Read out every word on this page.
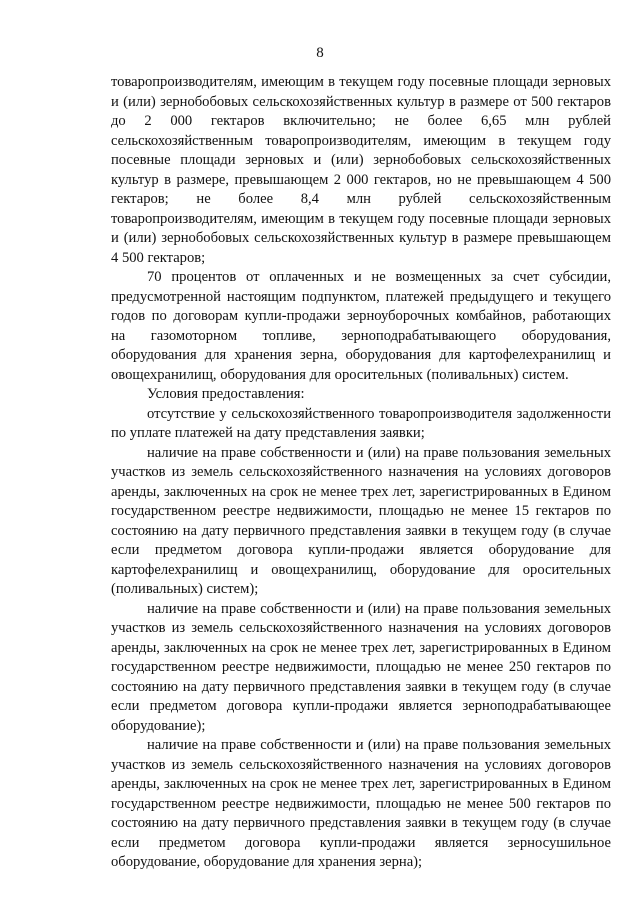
8

товаропроизводителям, имеющим в текущем году посевные площади зерновых и (или) зернобобовых сельскохозяйственных культур в размере от 500 гектаров до 2 000 гектаров включительно; не более 6,65 млн рублей сельскохозяйственным товаропроизводителям, имеющим в текущем году посевные площади зерновых и (или) зернобобовых сельскохозяйственных культур в размере, превышающем 2 000 гектаров, но не превышающем 4 500 гектаров; не более 8,4 млн рублей сельскохозяйственным товаропроизводителям, имеющим в текущем году посевные площади зерновых и (или) зернобобовых сельскохозяйственных культур в размере превышающем 4 500 гектаров;

70 процентов от оплаченных и не возмещенных за счет субсидии, предусмотренной настоящим подпунктом, платежей предыдущего и текущего годов по договорам купли-продажи зерноуборочных комбайнов, работающих на газомоторном топливе, зерноподрабатывающего оборудования, оборудования для хранения зерна, оборудования для картофелехранилищ и овощехранилищ, оборудования для оросительных (поливальных) систем.

Условия предоставления:

отсутствие у сельскохозяйственного товаропроизводителя задолженности по уплате платежей на дату представления заявки;

наличие на праве собственности и (или) на праве пользования земельных участков из земель сельскохозяйственного назначения на условиях договоров аренды, заключенных на срок не менее трех лет, зарегистрированных в Едином государственном реестре недвижимости, площадью не менее 15 гектаров по состоянию на дату первичного представления заявки в текущем году (в случае если предметом договора купли-продажи является оборудование для картофелехранилищ и овощехранилищ, оборудование для оросительных (поливальных) систем);

наличие на праве собственности и (или) на праве пользования земельных участков из земель сельскохозяйственного назначения на условиях договоров аренды, заключенных на срок не менее трех лет, зарегистрированных в Едином государственном реестре недвижимости, площадью не менее 250 гектаров по состоянию на дату первичного представления заявки в текущем году (в случае если предметом договора купли-продажи является зерноподрабатывающее оборудование);

наличие на праве собственности и (или) на праве пользования земельных участков из земель сельскохозяйственного назначения на условиях договоров аренды, заключенных на срок не менее трех лет, зарегистрированных в Едином государственном реестре недвижимости, площадью не менее 500 гектаров по состоянию на дату первичного представления заявки в текущем году (в случае если предметом договора купли-продажи является зерносушильное оборудование, оборудование для хранения зерна);
